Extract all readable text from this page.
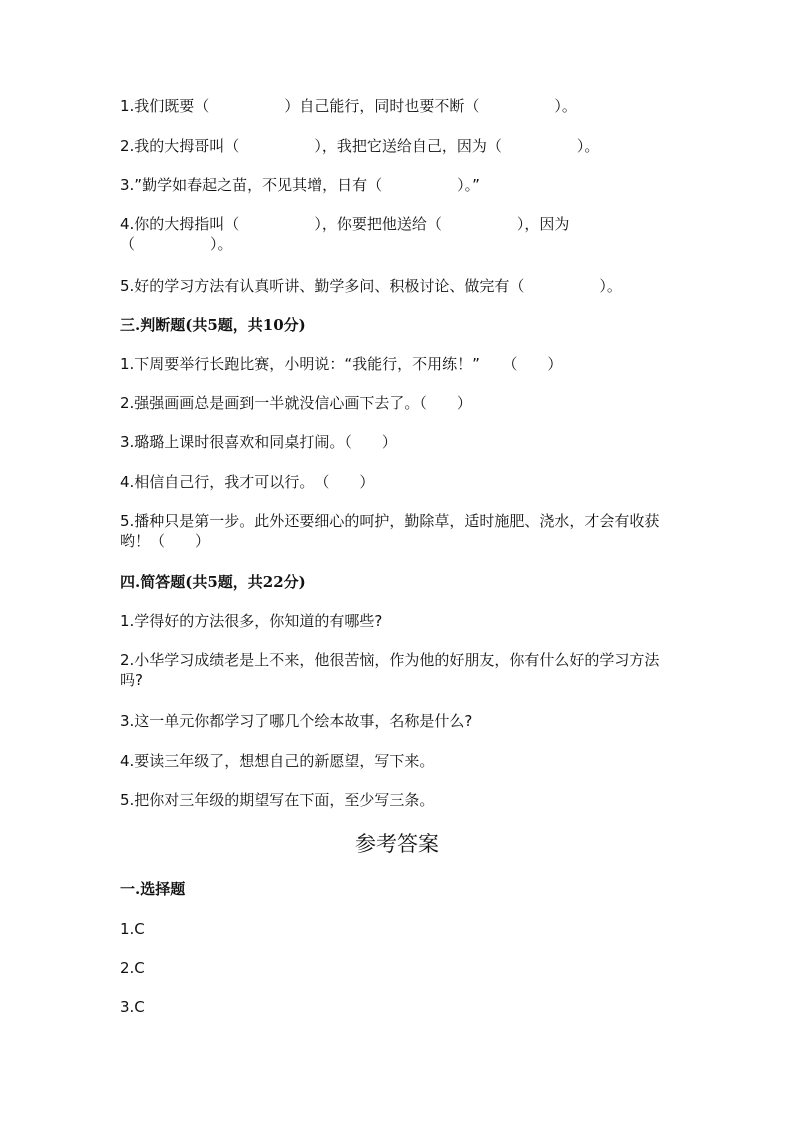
1.我们既要（　　　　　）自己能行，同时也要不断（　　　　　）。

2.我的大拇哥叫（　　　　　），我把它送给自己，因为（　　　　　）。

3.”勤学如春起之苗，不见其增，日有（　　　　　）。”

4.你的大拇指叫（　　　　　），你要把他送给（　　　　　），因为（　　　　　）。

5.好的学习方法有认真听讲、勤学多问、积极讨论、做完有（　　　　　）。

三.判断题(共5题，共10分)

1.下周要举行长跑比赛，小明说：“我能行，不用练！”　　（　　）

2.强强画画总是画到一半就没信心画下去了。（　　）

3.璐璐上课时很喜欢和同桌打闹。（　　）

4.相信自己行，我才可以行。　（　　）

5.播种只是第一步。此外还要细心的呵护，勤除草，适时施肥、浇水，才会有收获哟！（　　）

四.简答题(共5题，共22分)

1.学得好的方法很多，你知道的有哪些?

2.小华学习成绩老是上不来，他很苦恼，作为他的好朋友，你有什么好的学习方法吗?

3.这一单元你都学习了哪几个绘本故事，名称是什么?

4.要读三年级了，想想自己的新愿望，写下来。

5.把你对三年级的期望写在下面，至少写三条。

参考答案

一.选择题

1.C

2.C

3.C
